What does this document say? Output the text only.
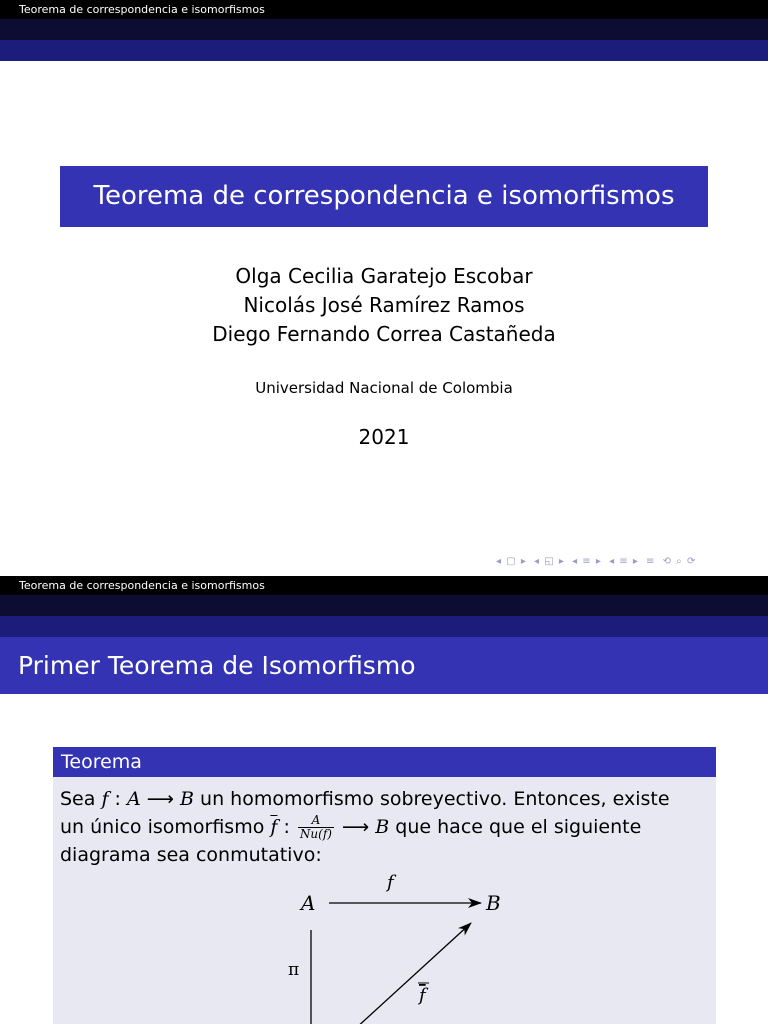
Teorema de correspondencia e isomorfismos
Teorema de correspondencia e isomorfismos
Olga Cecilia Garatejo Escobar
Nicolás José Ramírez Ramos
Diego Fernando Correa Castañeda
Universidad Nacional de Colombia
2021
◂ ▢ ▸ ◂ ◱ ▸ ◂ ≡ ▸ ◂ ≡ ▸ ≡ ⟲ ⌕ ⟳
Teorema de correspondencia e isomorfismos
Primer Teorema de Isomorfismo
Teorema
Sea f : A ⟶ B un homomorfismo sobreyectivo. Entonces, existe
un único isomorfismo $\overline{f}$ : $\frac{A}{Nu(f)}$ ⟶ B que hace que el siguiente
diagrama sea conmutativo:
A	B
f
π
f
